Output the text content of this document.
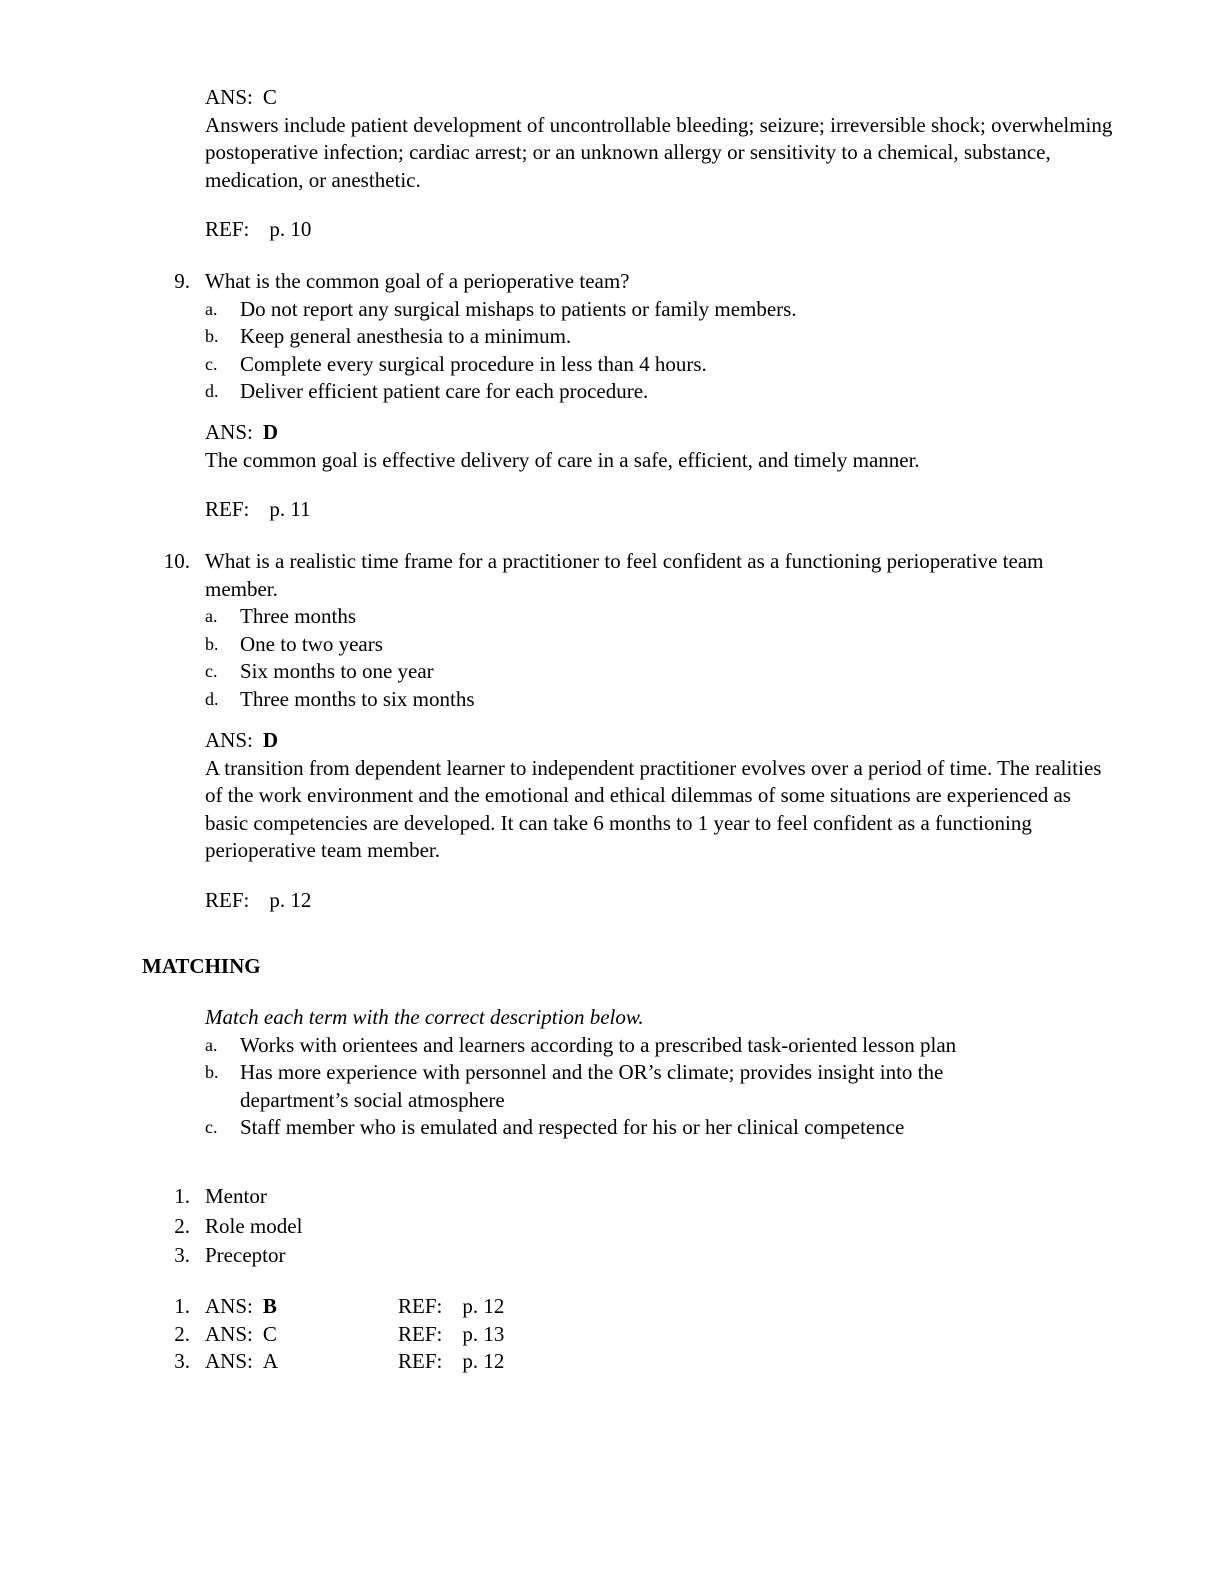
ANS: C
Answers include patient development of uncontrollable bleeding; seizure; irreversible shock; overwhelming postoperative infection; cardiac arrest; or an unknown allergy or sensitivity to a chemical, substance, medication, or anesthetic.
REF: p. 10
9. What is the common goal of a perioperative team?
a. Do not report any surgical mishaps to patients or family members.
b. Keep general anesthesia to a minimum.
c. Complete every surgical procedure in less than 4 hours.
d. Deliver efficient patient care for each procedure.
ANS: D
The common goal is effective delivery of care in a safe, efficient, and timely manner.
REF: p. 11
10. What is a realistic time frame for a practitioner to feel confident as a functioning perioperative team member.
a. Three months
b. One to two years
c. Six months to one year
d. Three months to six months
ANS: D
A transition from dependent learner to independent practitioner evolves over a period of time. The realities of the work environment and the emotional and ethical dilemmas of some situations are experienced as basic competencies are developed. It can take 6 months to 1 year to feel confident as a functioning perioperative team member.
REF: p. 12
MATCHING
Match each term with the correct description below.
a. Works with orientees and learners according to a prescribed task-oriented lesson plan
b. Has more experience with personnel and the OR’s climate; provides insight into the department’s social atmosphere
c. Staff member who is emulated and respected for his or her clinical competence
1. Mentor
2. Role model
3. Preceptor
1. ANS: B	REF: p. 12
2. ANS: C	REF: p. 13
3. ANS: A	REF: p. 12
